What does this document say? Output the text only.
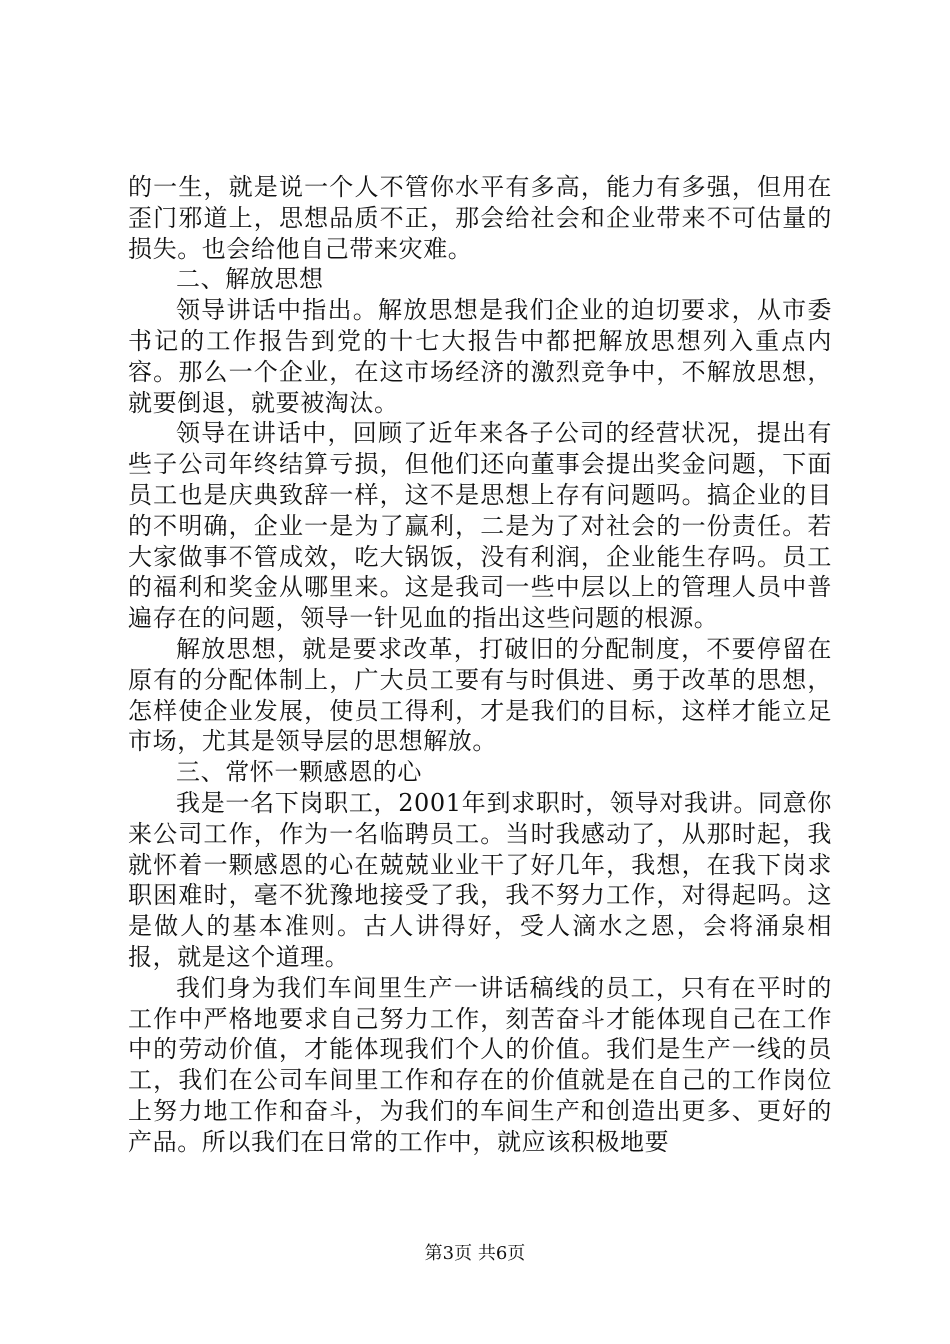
的一生，就是说一个人不管你水平有多高，能力有多强，但用在歪门邪道上，思想品质不正，那会给社会和企业带来不可估量的损失。也会给他自己带来灾难。

二、解放思想

领导讲话中指出。解放思想是我们企业的迫切要求，从市委书记的工作报告到党的十七大报告中都把解放思想列入重点内容。那么一个企业，在这市场经济的激烈竞争中，不解放思想，就要倒退，就要被淘汰。

领导在讲话中，回顾了近年来各子公司的经营状况，提出有些子公司年终结算亏损，但他们还向董事会提出奖金问题，下面员工也是庆典致辞一样，这不是思想上存有问题吗。搞企业的目的不明确，企业一是为了赢利，二是为了对社会的一份责任。若大家做事不管成效，吃大锅饭，没有利润，企业能生存吗。员工的福利和奖金从哪里来。这是我司一些中层以上的管理人员中普遍存在的问题，领导一针见血的指出这些问题的根源。

解放思想，就是要求改革，打破旧的分配制度，不要停留在原有的分配体制上，广大员工要有与时俱进、勇于改革的思想，怎样使企业发展，使员工得利，才是我们的目标，这样才能立足市场，尤其是领导层的思想解放。

三、常怀一颗感恩的心

我是一名下岗职工，2001年到求职时，领导对我讲。同意你来公司工作，作为一名临聘员工。当时我感动了，从那时起，我就怀着一颗感恩的心在兢兢业业干了好几年，我想，在我下岗求职困难时，毫不犹豫地接受了我，我不努力工作，对得起吗。这是做人的基本准则。古人讲得好，受人滴水之恩，会将涌泉相报，就是这个道理。

我们身为我们车间里生产一讲话稿线的员工，只有在平时的工作中严格地要求自己努力工作，刻苦奋斗才能体现自己在工作中的劳动价值，才能体现我们个人的价值。我们是生产一线的员工，我们在公司车间里工作和存在的价值就是在自己的工作岗位上努力地工作和奋斗，为我们的车间生产和创造出更多、更好的产品。所以我们在日常的工作中，就应该积极地要

第3页 共6页
